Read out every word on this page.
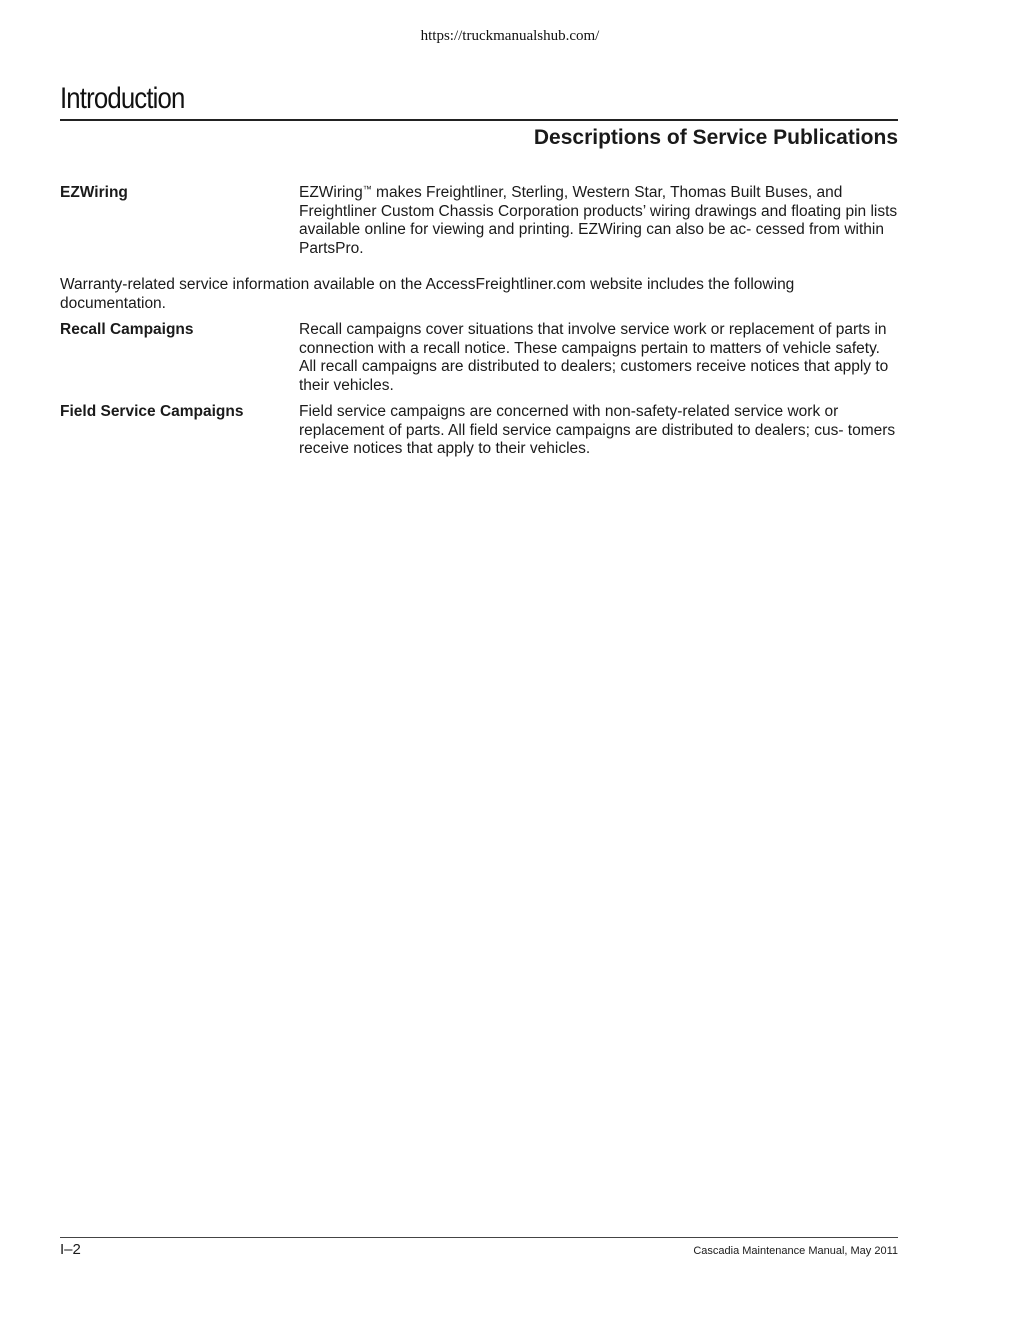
https://truckmanualshub.com/
Introduction
Descriptions of Service Publications
EZWiring	EZWiring™ makes Freightliner, Sterling, Western Star, Thomas Built Buses, and Freightliner Custom Chassis Corporation products’ wiring drawings and floating pin lists available online for viewing and printing. EZWiring can also be ac- cessed from within PartsPro.
Warranty-related service information available on the AccessFreightliner.com website includes the following documentation.
Recall Campaigns	Recall campaigns cover situations that involve service work or replacement of parts in connection with a recall notice. These campaigns pertain to matters of vehicle safety. All recall campaigns are distributed to dealers; customers receive notices that apply to their vehicles.
Field Service Campaigns	Field service campaigns are concerned with non-safety-related service work or replacement of parts. All field service campaigns are distributed to dealers; cus- tomers receive notices that apply to their vehicles.
I–2	Cascadia Maintenance Manual, May 2011
